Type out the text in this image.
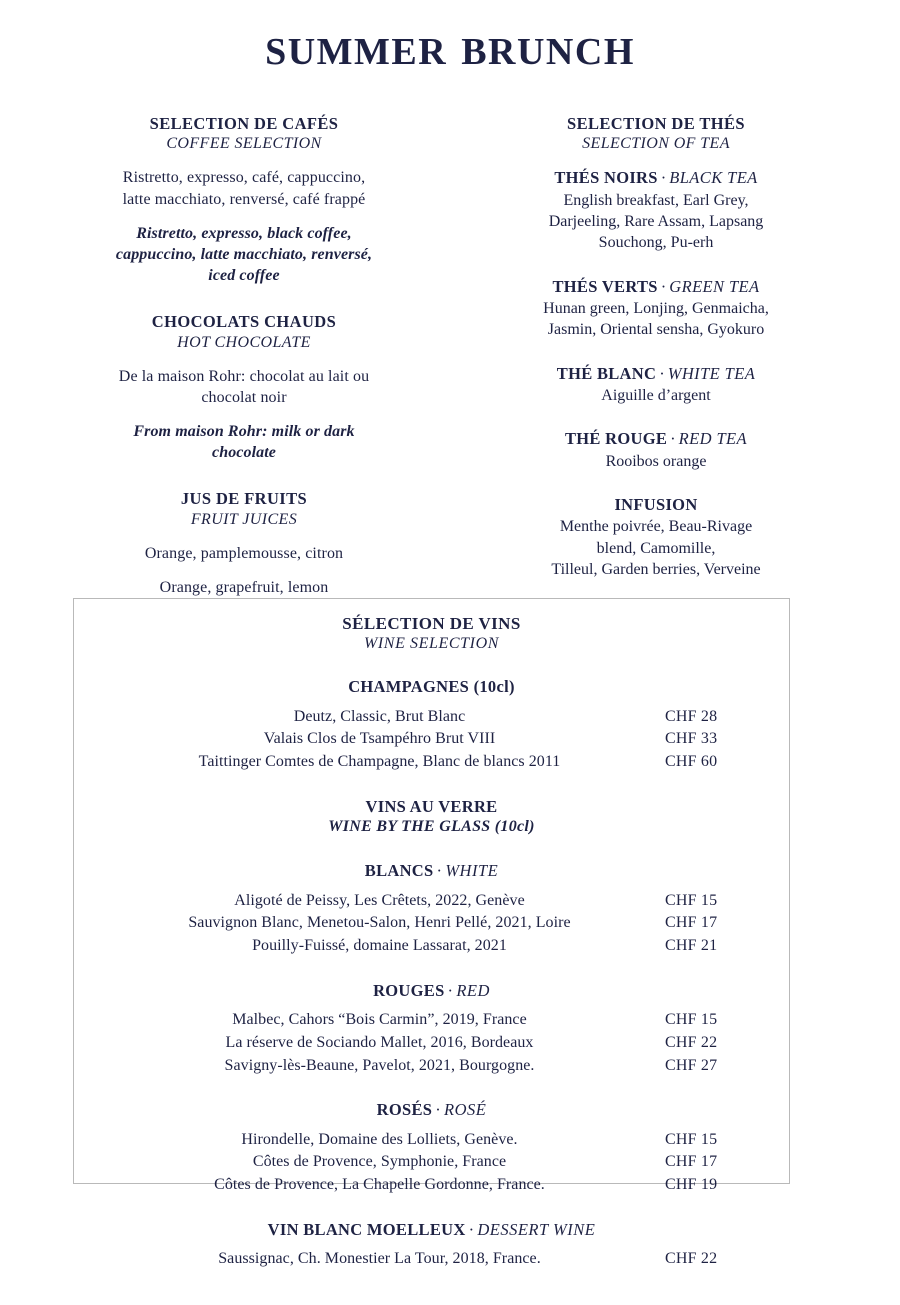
SUMMER BRUNCH
SELECTION DE CAFÉS
COFFEE SELECTION
Ristretto, expresso, café, cappuccino,
latte macchiato, renversé, café frappé
Ristretto, expresso, black coffee,
cappuccino, latte macchiato, renversé,
iced coffee
CHOCOLATS CHAUDS
HOT CHOCOLATE
De la maison Rohr: chocolat au lait ou
chocolat noir
From maison Rohr: milk or dark
chocolate
JUS DE FRUITS
FRUIT JUICES
Orange, pamplemousse, citron
Orange, grapefruit, lemon
SELECTION DE THÉS
SELECTION OF TEA
THÉS NOIRS · BLACK TEA
English breakfast, Earl Grey,
Darjeeling, Rare Assam, Lapsang
Souchong, Pu-erh
THÉS VERTS · GREEN TEA
Hunan green, Lonjing, Genmaicha,
Jasmin, Oriental sensha, Gyokuro
THÉ BLANC · WHITE TEA
Aiguille d’argent
THÉ ROUGE · RED TEA
Rooibos orange
INFUSION
Menthe poivrée, Beau-Rivage
blend, Camomille,
Tilleul, Garden berries, Verveine
SÉLECTION DE VINS
WINE SELECTION
CHAMPAGNES (10cl)
Deutz, Classic, Brut Blanc	CHF 28
Valais Clos de Tsampéhro Brut VIII	CHF 33
Taittinger Comtes de Champagne, Blanc de blancs 2011	CHF 60
VINS AU VERRE
WINE BY THE GLASS (10cl)
BLANCS · WHITE
Aligoté de Peissy, Les Crêtets, 2022, Genève	CHF 15
Sauvignon Blanc, Menetou-Salon, Henri Pellé, 2021, Loire	CHF 17
Pouilly-Fuissé, domaine Lassarat, 2021	CHF 21
ROUGES · RED
Malbec, Cahors “Bois Carmin”, 2019, France	CHF 15
La réserve de Sociando Mallet, 2016, Bordeaux	CHF 22
Savigny-lès-Beaune, Pavelot, 2021, Bourgogne.	CHF 27
ROSÉS · ROSÉ
Hirondelle, Domaine des Lolliets, Genève.	CHF 15
Côtes de Provence, Symphonie, France	CHF 17
Côtes de Provence, La Chapelle Gordonne, France.	CHF 19
VIN BLANC MOELLEUX · DESSERT WINE
Saussignac, Ch. Monestier La Tour, 2018, France.	CHF 22
